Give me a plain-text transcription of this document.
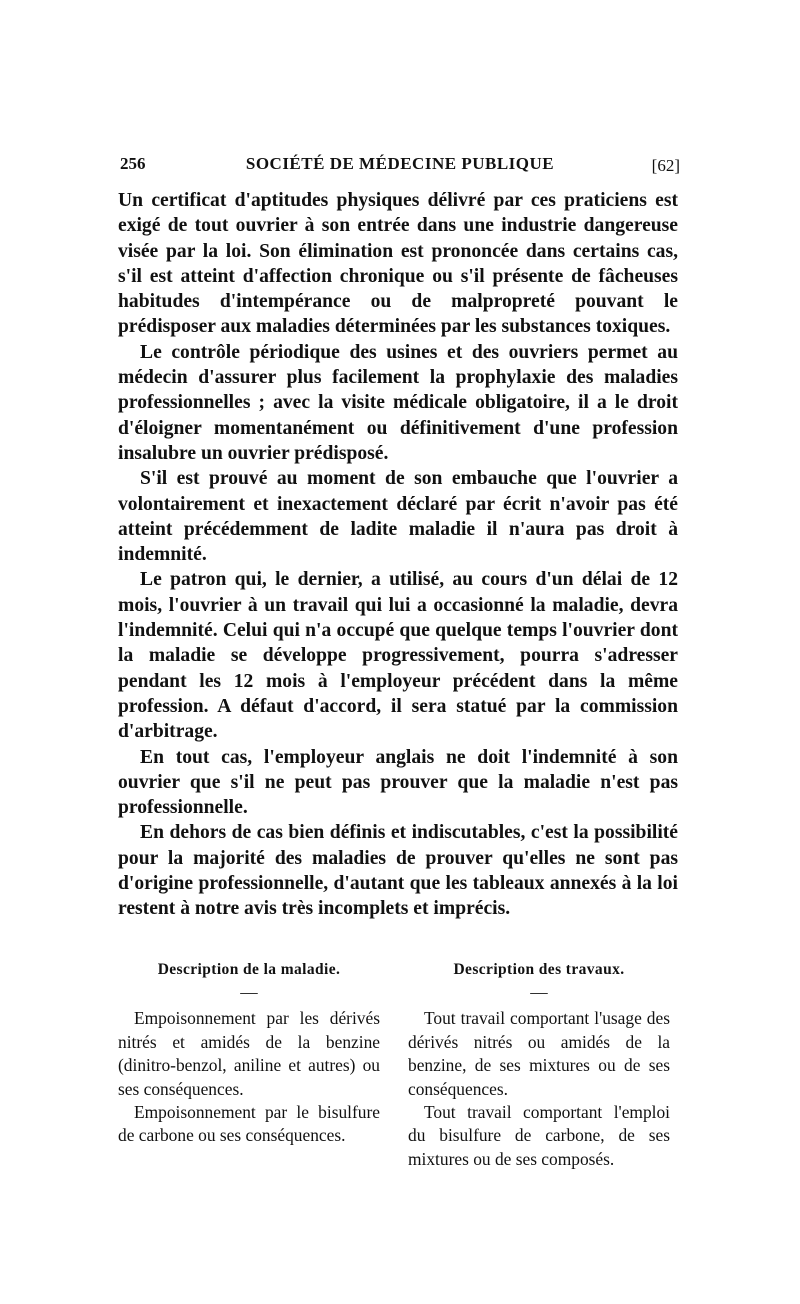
256	SOCIÉTÉ DE MÉDECINE PUBLIQUE	[62]

Un certificat d'aptitudes physiques délivré par ces praticiens est exigé de tout ouvrier à son entrée dans une industrie dangereuse visée par la loi. Son élimination est prononcée dans certains cas, s'il est atteint d'affection chronique ou s'il présente de fâcheuses habitudes d'intempérance ou de malpropreté pouvant le prédisposer aux maladies déterminées par les substances toxiques.

Le contrôle périodique des usines et des ouvriers permet au médecin d'assurer plus facilement la prophylaxie des maladies professionnelles ; avec la visite médicale obligatoire, il a le droit d'éloigner momentanément ou définitivement d'une profession insalubre un ouvrier prédisposé.

S'il est prouvé au moment de son embauche que l'ouvrier a volontairement et inexactement déclaré par écrit n'avoir pas été atteint précédemment de ladite maladie il n'aura pas droit à indemnité.

Le patron qui, le dernier, a utilisé, au cours d'un délai de 12 mois, l'ouvrier à un travail qui lui a occasionné la maladie, devra l'indemnité. Celui qui n'a occupé que quelque temps l'ouvrier dont la maladie se développe progressivement, pourra s'adresser pendant les 12 mois à l'employeur précédent dans la même profession. A défaut d'accord, il sera statué par la commission d'arbitrage.

En tout cas, l'employeur anglais ne doit l'indemnité à son ouvrier que s'il ne peut pas prouver que la maladie n'est pas professionnelle.

En dehors de cas bien définis et indiscutables, c'est la possibilité pour la majorité des maladies de prouver qu'elles ne sont pas d'origine professionnelle, d'autant que les tableaux annexés à la loi restent à notre avis très incomplets et imprécis.

Description de la maladie.
—

Empoisonnement par les dérivés nitrés et amidés de la benzine (dinitro-benzol, aniline et autres) ou ses conséquences.

Empoisonnement par le bisulfure de carbone ou ses conséquences.

Description des travaux.
—

Tout travail comportant l'usage des dérivés nitrés ou amidés de la benzine, de ses mixtures ou de ses conséquences.

Tout travail comportant l'emploi du bisulfure de carbone, de ses mixtures ou de ses composés.
